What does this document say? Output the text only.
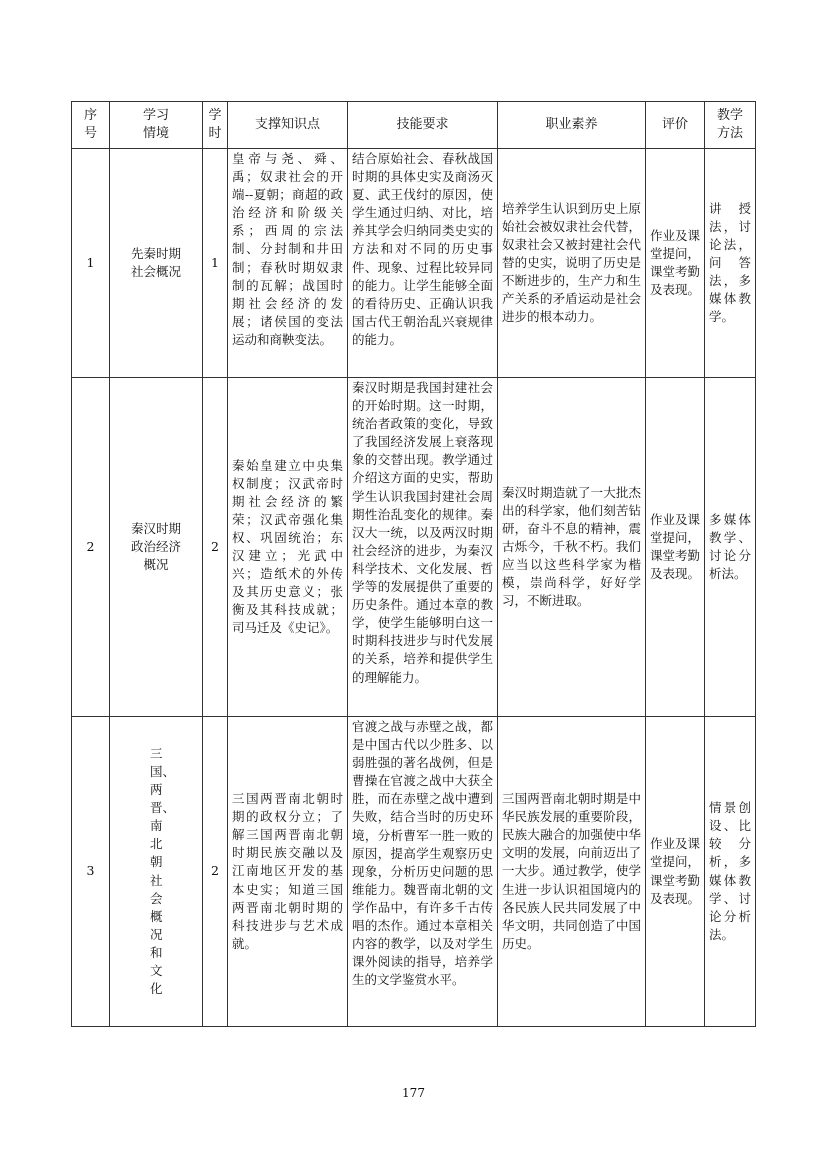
序号	学习情境	学时	支撑知识点	技能要求	职业素养	评价	教学方法
1	先秦时期社会概况	1	皇帝与尧、舜、禹；奴隶社会的开端--夏朝；商超的政治经济和阶级关系；西周的宗法制、分封制和井田制；春秋时期奴隶制的瓦解；战国时期社会经济的发展；诸侯国的变法运动和商鞅变法。	结合原始社会、春秋战国时期的具体史实及商汤灭夏、武王伐纣的原因，使学生通过归纳、对比，培养其学会归纳同类史实的方法和对不同的历史事件、现象、过程比较异同的能力。让学生能够全面的看待历史、正确认识我国古代王朝治乱兴衰规律的能力。	培养学生认识到历史上原始社会被奴隶社会代替，奴隶社会又被封建社会代替的史实，说明了历史是不断进步的，生产力和生产关系的矛盾运动是社会进步的根本动力。	作业及课堂提问，课堂考勤及表现。	讲授法，讨论法，问答法，多媒体教学。
2	秦汉时期政治经济概况	2	秦始皇建立中央集权制度；汉武帝时期社会经济的繁荣；汉武帝强化集权、巩固统治；东汉建立；光武中兴；造纸术的外传及其历史意义；张衡及其科技成就；司马迁及《史记》。	秦汉时期是我国封建社会的开始时期。这一时期，统治者政策的变化，导致了我国经济发展上衰落现象的交替出现。教学通过介绍这方面的史实，帮助学生认识我国封建社会周期性治乱变化的规律。秦汉大一统，以及两汉时期社会经济的进步，为秦汉科学技术、文化发展、哲学等的发展提供了重要的历史条件。通过本章的教学，使学生能够明白这一时期科技进步与时代发展的关系，培养和提供学生的理解能力。	秦汉时期造就了一大批杰出的科学家，他们刻苦钻研，奋斗不息的精神，震古烁今，千秋不朽。我们应当以这些科学家为楷模，崇尚科学，好好学习，不断进取。	作业及课堂提问，课堂考勤及表现。	多媒体教学、讨论分析法。
3	三国、两晋、南北朝社会概况和文化	2	三国两晋南北朝时期的政权分立；了解三国两晋南北朝时期民族交融以及江南地区开发的基本史实；知道三国两晋南北朝时期的科技进步与艺术成就。	官渡之战与赤壁之战，都是中国古代以少胜多、以弱胜强的著名战例，但是曹操在官渡之战中大获全胜，而在赤壁之战中遭到失败，结合当时的历史环境，分析曹军一胜一败的原因，提高学生观察历史现象，分析历史问题的思维能力。魏晋南北朝的文学作品中，有许多千古传唱的杰作。通过本章相关内容的教学，以及对学生课外阅读的指导，培养学生的文学鉴赏水平。	三国两晋南北朝时期是中华民族发展的重要阶段，民族大融合的加强使中华文明的发展，向前迈出了一大步。通过教学，使学生进一步认识祖国境内的各民族人民共同发展了中华文明，共同创造了中国历史。	作业及课堂提问，课堂考勤及表现。	情景创设、比较分析，多媒体教学、讨论分析法。
177
